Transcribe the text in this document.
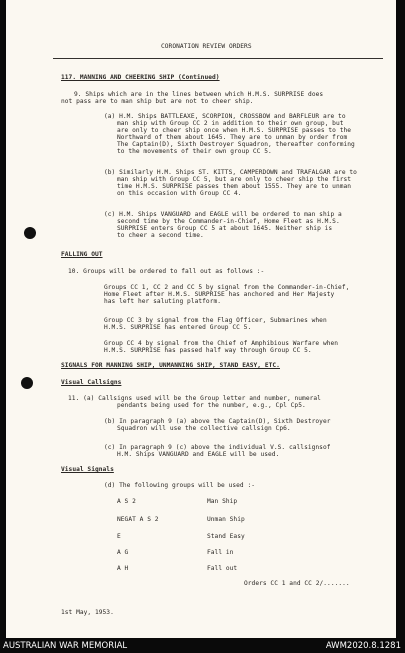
CORONATION REVIEW ORDERS
117. MANNING AND CHEERING SHIP (Continued)
9. Ships which are in the lines between which H.M.S. SURPRISE does
not pass are to man ship but are not to cheer ship.
(a) H.M. Ships BATTLEAXE, SCORPION, CROSSBOW and BARFLEUR are to
man ship with Group CC 2 in addition to their own group, but
are only to cheer ship once when H.M.S. SURPRISE passes to the
Northward of them about 1645. They are to unman by order from
The Captain(D), Sixth Destroyer Squadron, thereafter conforming
to the movements of their own group CC 5.
(b) Similarly H.M. Ships ST. KITTS, CAMPERDOWN and TRAFALGAR are to
man ship with Group CC 5, but are only to cheer ship the first
time H.M.S. SURPRISE passes them about 1555. They are to unman
on this occasion with Group CC 4.
(c) H.M. Ships VANGUARD and EAGLE will be ordered to man ship a
second time by the Commander-in-Chief, Home Fleet as H.M.S.
SURPRISE enters Group CC 5 at about 1645. Neither ship is
to cheer a second time.
FALLING OUT
10. Groups will be ordered to fall out as follows :-
Groups CC 1, CC 2 and CC 5 by signal from the Commander-in-Chief,
Home Fleet after H.M.S. SURPRISE has anchored and Her Majesty
has left her saluting platform.
Group CC 3 by signal from the Flag Officer, Submarines when
H.M.S. SURPRISE has entered Group CC 5.
Group CC 4 by signal from the Chief of Amphibious Warfare when
H.M.S. SURPRISE has passed half way through Group CC 5.
SIGNALS FOR MANNING SHIP, UNMANNING SHIP, STAND EASY, ETC.
Visual Callsigns
11. (a) Callsigns used will be the Group letter and number, numeral
pendants being used for the number, e.g., Cpl Cp5.
(b) In paragraph 9 (a) above the Captain(D), Sixth Destroyer
Squadron will use the collective callsign Cp6.
(c) In paragraph 9 (c) above the individual V.S. callsignsof
H.M. Ships VANGUARD and EAGLE will be used.
Visual Signals
(d) The following groups will be used :-
A S 2	Man Ship
NEGAT A S 2	Unman Ship
E	Stand Easy
A G	Fall in
A H	Fall out
Orders CC 1 and CC 2/.......
1st May, 1953.
AUSTRALIAN WAR MEMORIAL	AWM2020.8.1281
